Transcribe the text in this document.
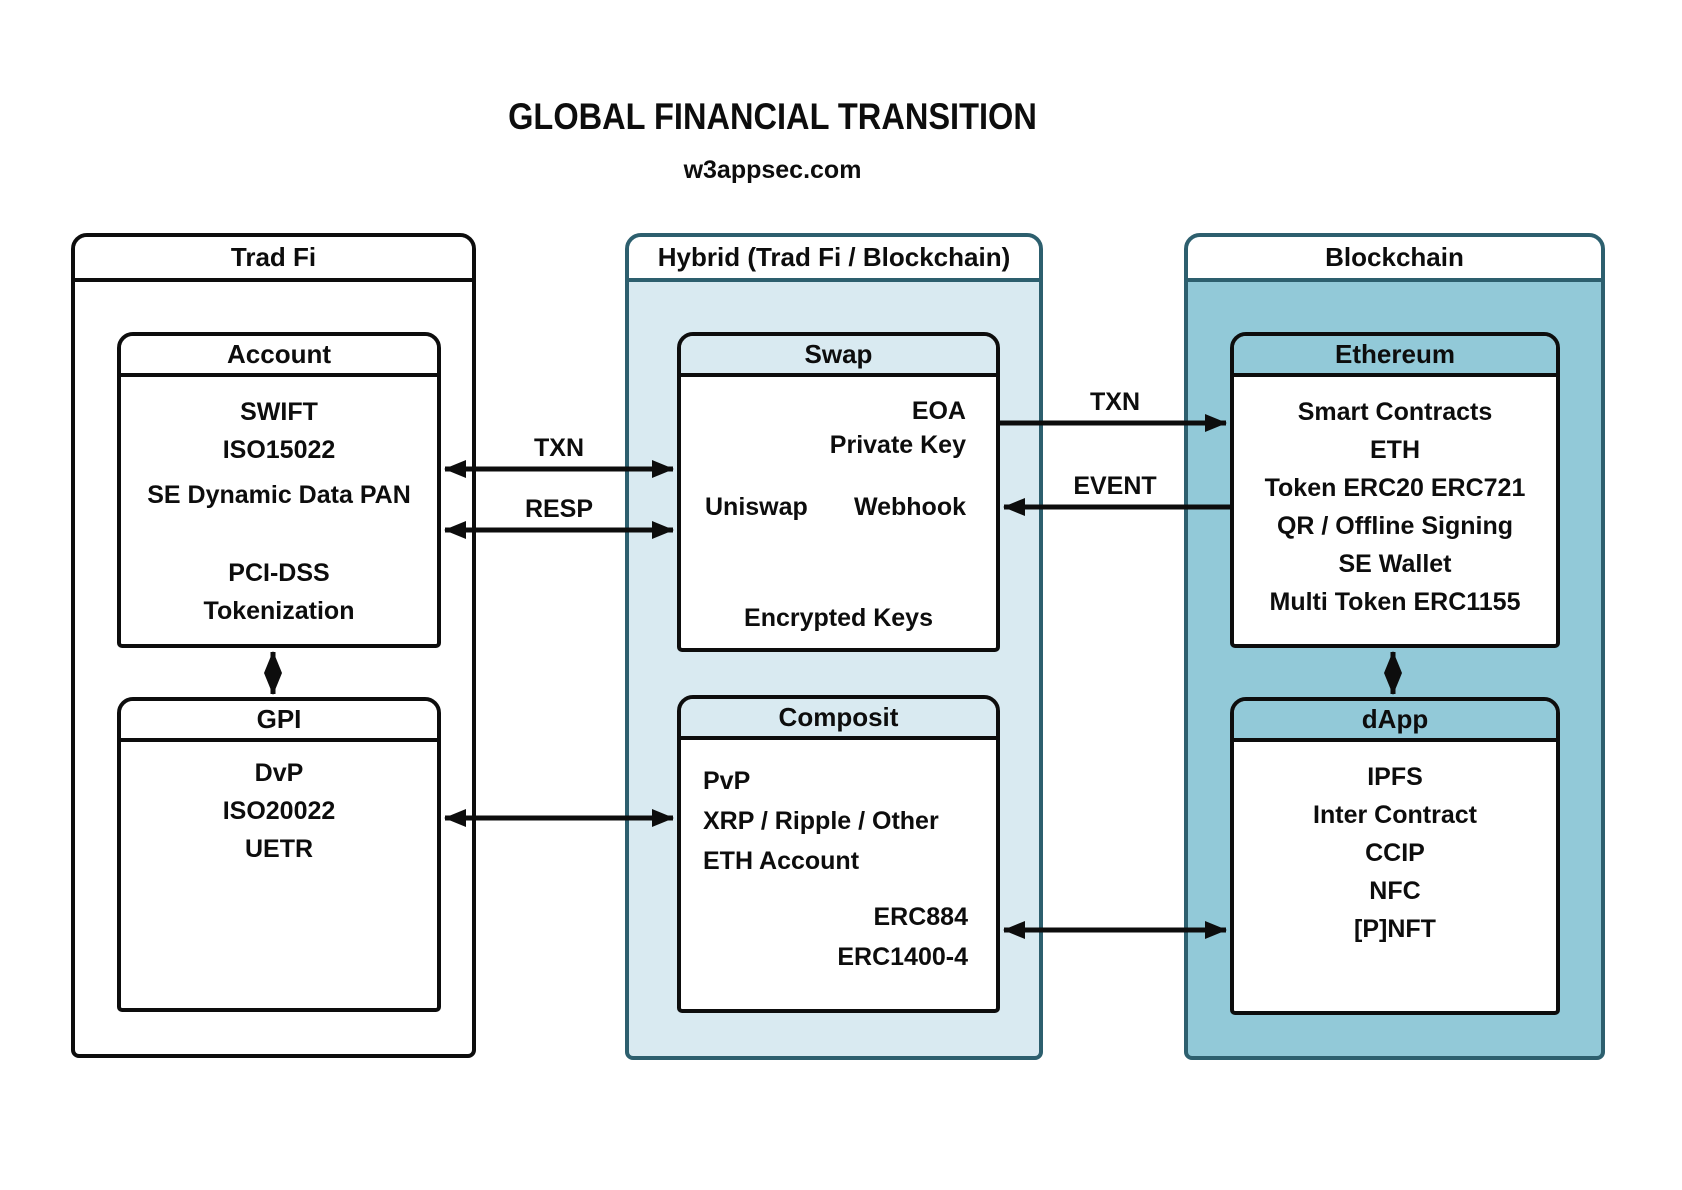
GLOBAL FINANCIAL TRANSITION
w3appsec.com
Trad Fi	Hybrid (Trad Fi / Blockchain)	Blockchain
Account
SWIFT
ISO15022
SE Dynamic Data PAN
PCI-DSS
Tokenization
GPI
DvP
ISO20022
UETR
Swap
EOA
Private Key
Uniswap Webhook
Encrypted Keys
Composit
PvP
XRP / Ripple / Other
ETH Account
ERC884
ERC1400-4
Ethereum
Smart Contracts
ETH
Token ERC20 ERC721
QR / Offline Signing
SE Wallet
Multi Token ERC1155
dApp
IPFS
Inter Contract
CCIP
NFC
[P]NFT
TXN
RESP
TXN
EVENT
